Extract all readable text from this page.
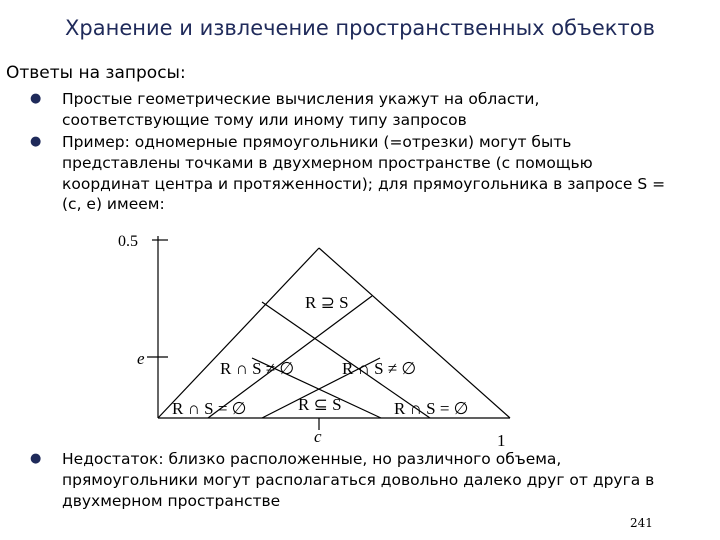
Хранение и извлечение пространственных объектов
Ответы на запросы:
● Простые геометрические вычисления укажут на области, соответствующие тому или иному типу запросов
● Пример: одномерные прямоугольники (=отрезки) могут быть представлены точками в двухмерном пространстве (с помощью координат центра и протяженности); для прямоугольника в запросе S = (c, e) имеем:
● Недостаток: близко расположенные, но различного объема, прямоугольники могут располагаться довольно далеко друг от друга в двухмерном пространстве
0.5
e
c	1
R ⊇ S
R ∩ S ≠ ∅	R ∩ S ≠ ∅
R ∩ S = ∅	R ⊆ S	R ∩ S = ∅
241
